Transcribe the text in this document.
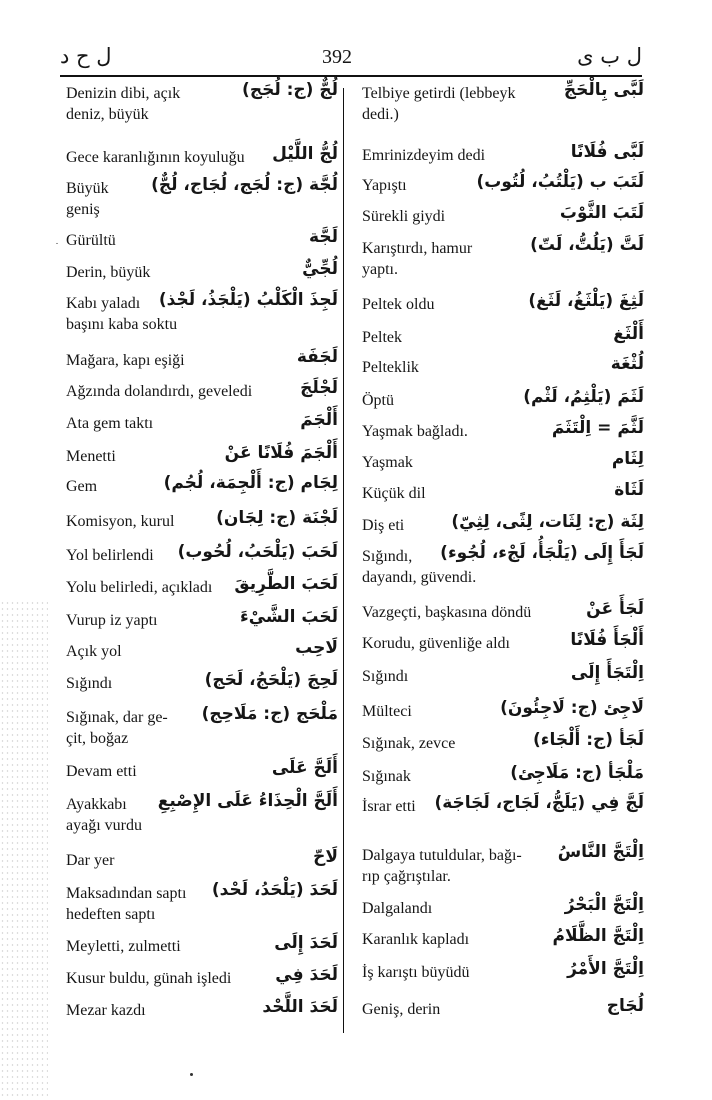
ل ح د	392	ل ب ى
لُجٌّ (ج: لُجَج)
Denizin dibi, açık
deniz, büyük
لُجُّ اللَّيْل
Gece karanlığının koyuluğu
لُجَّة (ج: لُجَج، لُجَاج، لُجٌّ)
Büyük
geniş
لَجَّة
Gürültü
لُجِّيٌّ
Derin, büyük
لَجِذَ الْكَلْبُ (يَلْجَذُ، لَجْذ)
Kabı yaladı
başını kaba soktu
لَجَفَة
Mağara, kapı eşiği
لَجْلَجَ
Ağzında dolandırdı, geveledi
أَلْجَمَ
Ata gem taktı
أَلْجَمَ فُلَانًا عَنْ
Menetti
لِجَام (ج: أَلْجِمَة، لُجُم)
Gem
لَجْنَة (ج: لِجَان)
Komisyon, kurul
لَحَبَ (يَلْحَبُ، لُحُوب)
Yol belirlendi
لَحَبَ الطَّرِيقَ
Yolu belirledi, açıkladı
لَحَبَ الشَّيْءَ
Vurup iz yaptı
لَاحِب
Açık yol
لَحِجَ (يَلْحَجُ، لَحَج)
Sığındı
مَلْحَج (ج: مَلَاحِج)
Sığınak, dar ge-
çit, boğaz
أَلَحَّ عَلَى
Devam etti
أَلَحَّ الْحِذَاءُ عَلَى الإِصْبِعِ
Ayakkabı
ayağı vurdu
لَاحّ
Dar yer
لَحَدَ (يَلْحَدُ، لَحْد)
Maksadından saptı
hedeften saptı
لَحَدَ إِلَى
Meyletti, zulmetti
لَحَدَ فِي
Kusur buldu, günah işledi
لَحَدَ اللَّحْد
Mezar kazdı
لَبَّى بِالْحَجِّ
Telbiye getirdi (lebbeyk
dedi.)
لَبَّى فُلَانًا
Emrinizdeyim dedi
لَتَبَ ب (يَلْتُبُ، لُتُوب)
Yapıştı
لَتَبَ الثَّوْبَ
Sürekli giydi
لَتَّ (يَلُتُّ، لَتّ)
Karıştırdı, hamur
yaptı.
لَثِغَ (يَلْثَغُ، لَثَغ)
Peltek oldu
أَلْثَغ
Peltek
لُثْغَة
Pelteklik
لَثَمَ (يَلْثِمُ، لَثْم)
Öptü
لَثَّمَ = اِلْتَثَمَ
Yaşmak bağladı.
لِثَام
Yaşmak
لَثَاة
Küçük dil
لِثَة (ج: لِثَات، لِثًى، لِثِيّ)
Diş eti
لَجَأَ إِلَى (يَلْجَأُ، لَجْء، لُجُوء)
Sığındı,
dayandı, güvendi.
لَجَأَ عَنْ
Vazgeçti, başkasına döndü
أَلْجَأَ فُلَانًا
Korudu, güvenliğe aldı
اِلْتَجَأَ إِلَى
Sığındı
لَاجِئ (ج: لَاجِئُونَ)
Mülteci
لَجَأ (ج: أَلْجَاء)
Sığınak, zevce
مَلْجَأ (ج: مَلَاجِئ)
Sığınak
لَجَّ فِي (يَلَجُّ، لَجَاج، لَجَاجَة)
İsrar etti
اِلْتَجَّ النَّاسُ
Dalgaya tutuldular, bağı-
rıp çağrıştılar.
اِلْتَجَّ الْبَحْرُ
Dalgalandı
اِلْتَجَّ الظَّلَامُ
Karanlık kapladı
اِلْتَجَّ الأَمْرُ
İş karıştı büyüdü
لُجَاج
Geniş, derin
